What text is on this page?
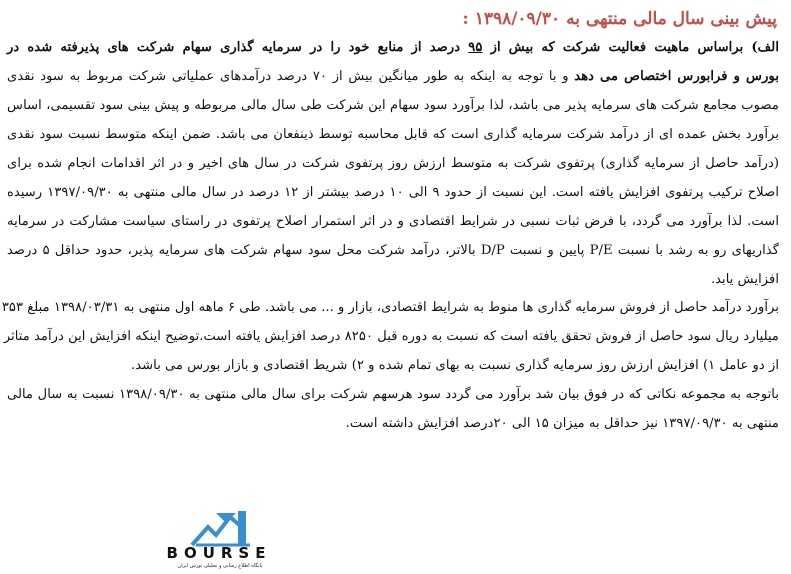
پیش بینی سال مالی منتهی به ۱۳۹۸/۰۹/۳۰ :
الف) براساس ماهیت فعالیت شرکت که بیش از ۹۵ درصد از منابع خود را در سرمایه گذاری سهام شرکت های پذیرفته شده در
بورس و فرابورس اختصاص می دهد و با توجه به اینکه به طور میانگین بیش از ۷۰ درصد درآمدهای عملیاتی شرکت مربوط به سود نقدی
مصوب مجامع شرکت های سرمایه پذیر می باشد، لذا برآورد سود سهام این شرکت طی سال مالی مربوطه و پیش بینی سود تقسیمی، اساس
برآورد بخش عمده ای از درآمد شرکت سرمایه گذاری است که قابل محاسبه توسط ذینفعان می باشد. ضمن اینکه متوسط نسبت سود نقدی
(درآمد حاصل از سرمایه گذاری) پرتفوی شرکت به متوسط ارزش روز پرتفوی شرکت در سال های اخیر و در اثر اقدامات انجام شده برای
اصلاح ترکیب پرتفوی افزایش یافته است. این نسبت از حدود ۹ الی ۱۰ درصد بیشتر از ۱۲ درصد در سال مالی منتهی به ۱۳۹۷/۰۹/۳۰ رسیده
است. لذا برآورد می گردد، با فرض ثبات نسبی در شرایط اقتصادی و در اثر استمرار اصلاح پرتفوی در راستای سیاست مشارکت در سرمایه
گذاریهای رو به رشد با نسبت P/E پایین و نسبت D/P بالاتر، درآمد شرکت محل سود سهام شرکت های سرمایه پذیر، حدود حداقل ۵ درصد
افزایش یابد.
برآورد درآمد حاصل از فروش سرمایه گذاری ها منوط به شرایط اقتصادی، بازار و ... می باشد. طی ۶ ماهه اول منتهی به ۱۳۹۸/۰۳/۳۱ مبلغ ۳۵۳
میلیارد ریال سود حاصل از فروش تحقق یافته است که نسبت به دوره قبل ۸۲۵۰ درصد افزایش یافته است.توضیح اینکه افزایش این درآمد متاثر
از دو عامل ۱) افزایش ارزش روز سرمایه گذاری نسبت به بهای تمام شده و ۲) شریط اقتصادی و بازار بورس می باشد.
باتوجه به مجموعه نکاتی که در فوق بیان شد برآورد می گردد سود هرسهم شرکت برای سال مالی منتهی به ۱۳۹۸/۰۹/۳۰ نسبت به سال مالی
منتهی به ۱۳۹۷/۰۹/۳۰ نیز حداقل به میزان ۱۵ الی ۲۰درصد افزایش داشته است.
BOURSE
پایگاه اطلاع رسانی و تحلیلی بورس ایران
